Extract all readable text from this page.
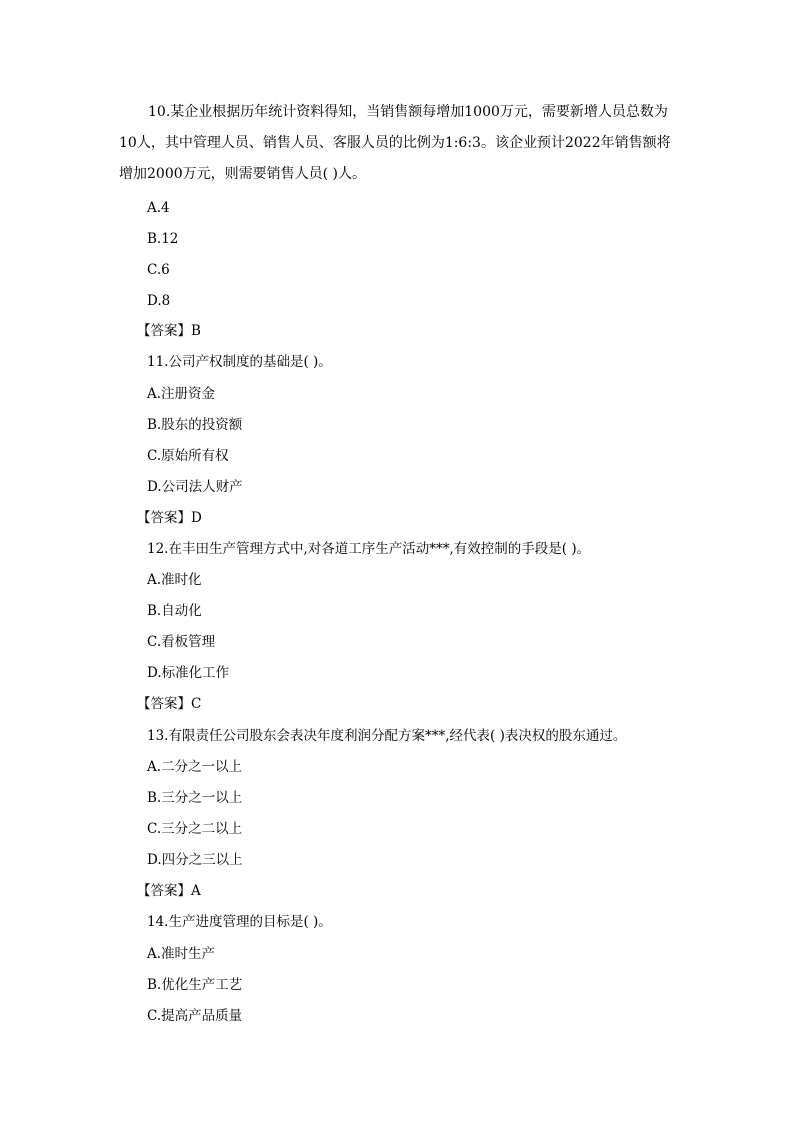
10.某企业根据历年统计资料得知，当销售额每增加1000万元，需要新增人员总数为
10人，其中管理人员、销售人员、客服人员的比例为1:6:3。该企业预计2022年销售额将
增加2000万元，则需要销售人员( )人。
A.4
B.12
C.6
D.8
【答案】B
11.公司产权制度的基础是( )。
A.注册资金
B.股东的投资额
C.原始所有权
D.公司法人财产
【答案】D
12.在丰田生产管理方式中,对各道工序生产活动***,有效控制的手段是( )。
A.准时化
B.自动化
C.看板管理
D.标准化工作
【答案】C
13.有限责任公司股东会表决年度利润分配方案***,经代表( )表决权的股东通过。
A.二分之一以上
B.三分之一以上
C.三分之二以上
D.四分之三以上
【答案】A
14.生产进度管理的目标是( )。
A.准时生产
B.优化生产工艺
C.提高产品质量
